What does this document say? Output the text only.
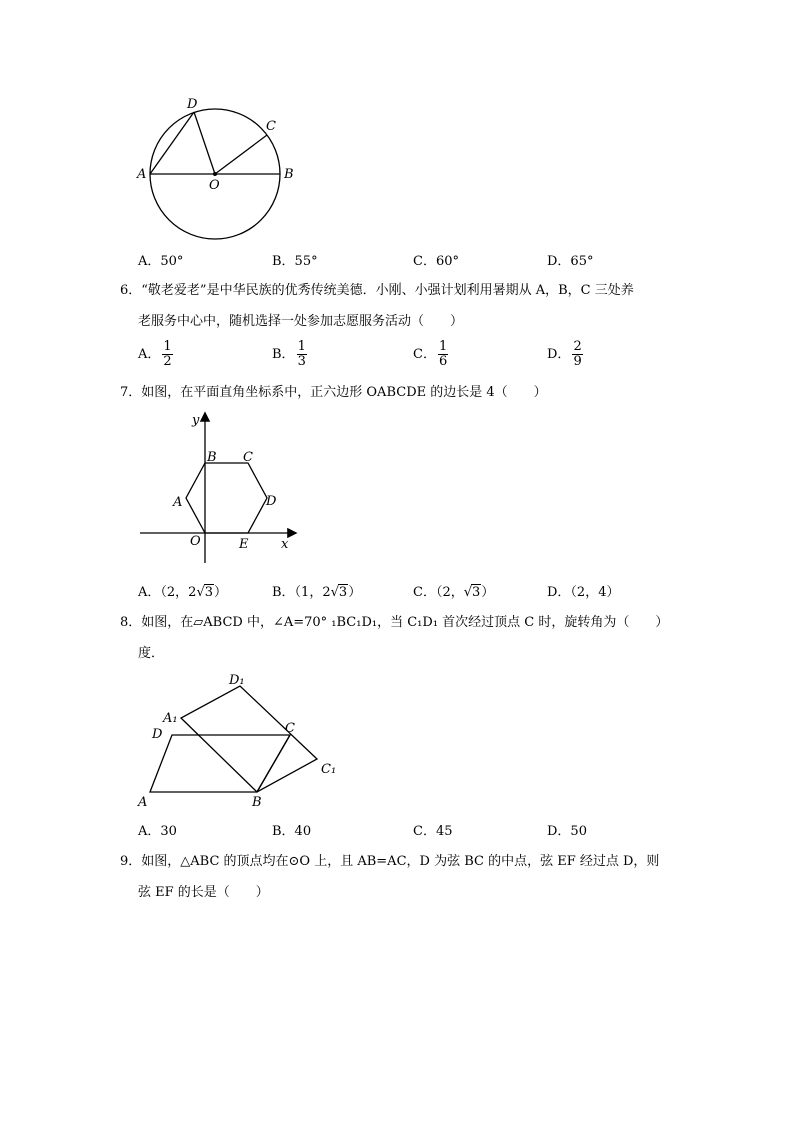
A	B
C
D
O
A．50°	B．55°	C．60°	D．65°
6．“敬老爱老”是中华民族的优秀传统美德．小刚、小强计划利用暑期从 A，B，C 三处养
老服务中心中，随机选择一处参加志愿服务活动（　　）
A． $\frac{1}{2}$	B． $\frac{1}{3}$	C． $\frac{1}{6}$	D． $\frac{2}{9}$
7．如图，在平面直角坐标系中，正六边形 OABCDE 的边长是 4（　　）
y
x
A
B C
D
E
O
A．（2，2√3）	B．（1，2√3）	C．（2，√3）	D．（2，4）
8．如图，在▱ABCD 中，∠A=70° ₁BC₁D₁，当 C₁D₁ 首次经过顶点 C 时，旋转角为（　　）
度．
D₁
A₁
D	C
C₁
A	B
A．30	B．40	C．45	D．50
9．如图，△ABC 的顶点均在⊙O 上，且 AB=AC，D 为弦 BC 的中点，弦 EF 经过点 D，则
弦 EF 的长是（　　）
